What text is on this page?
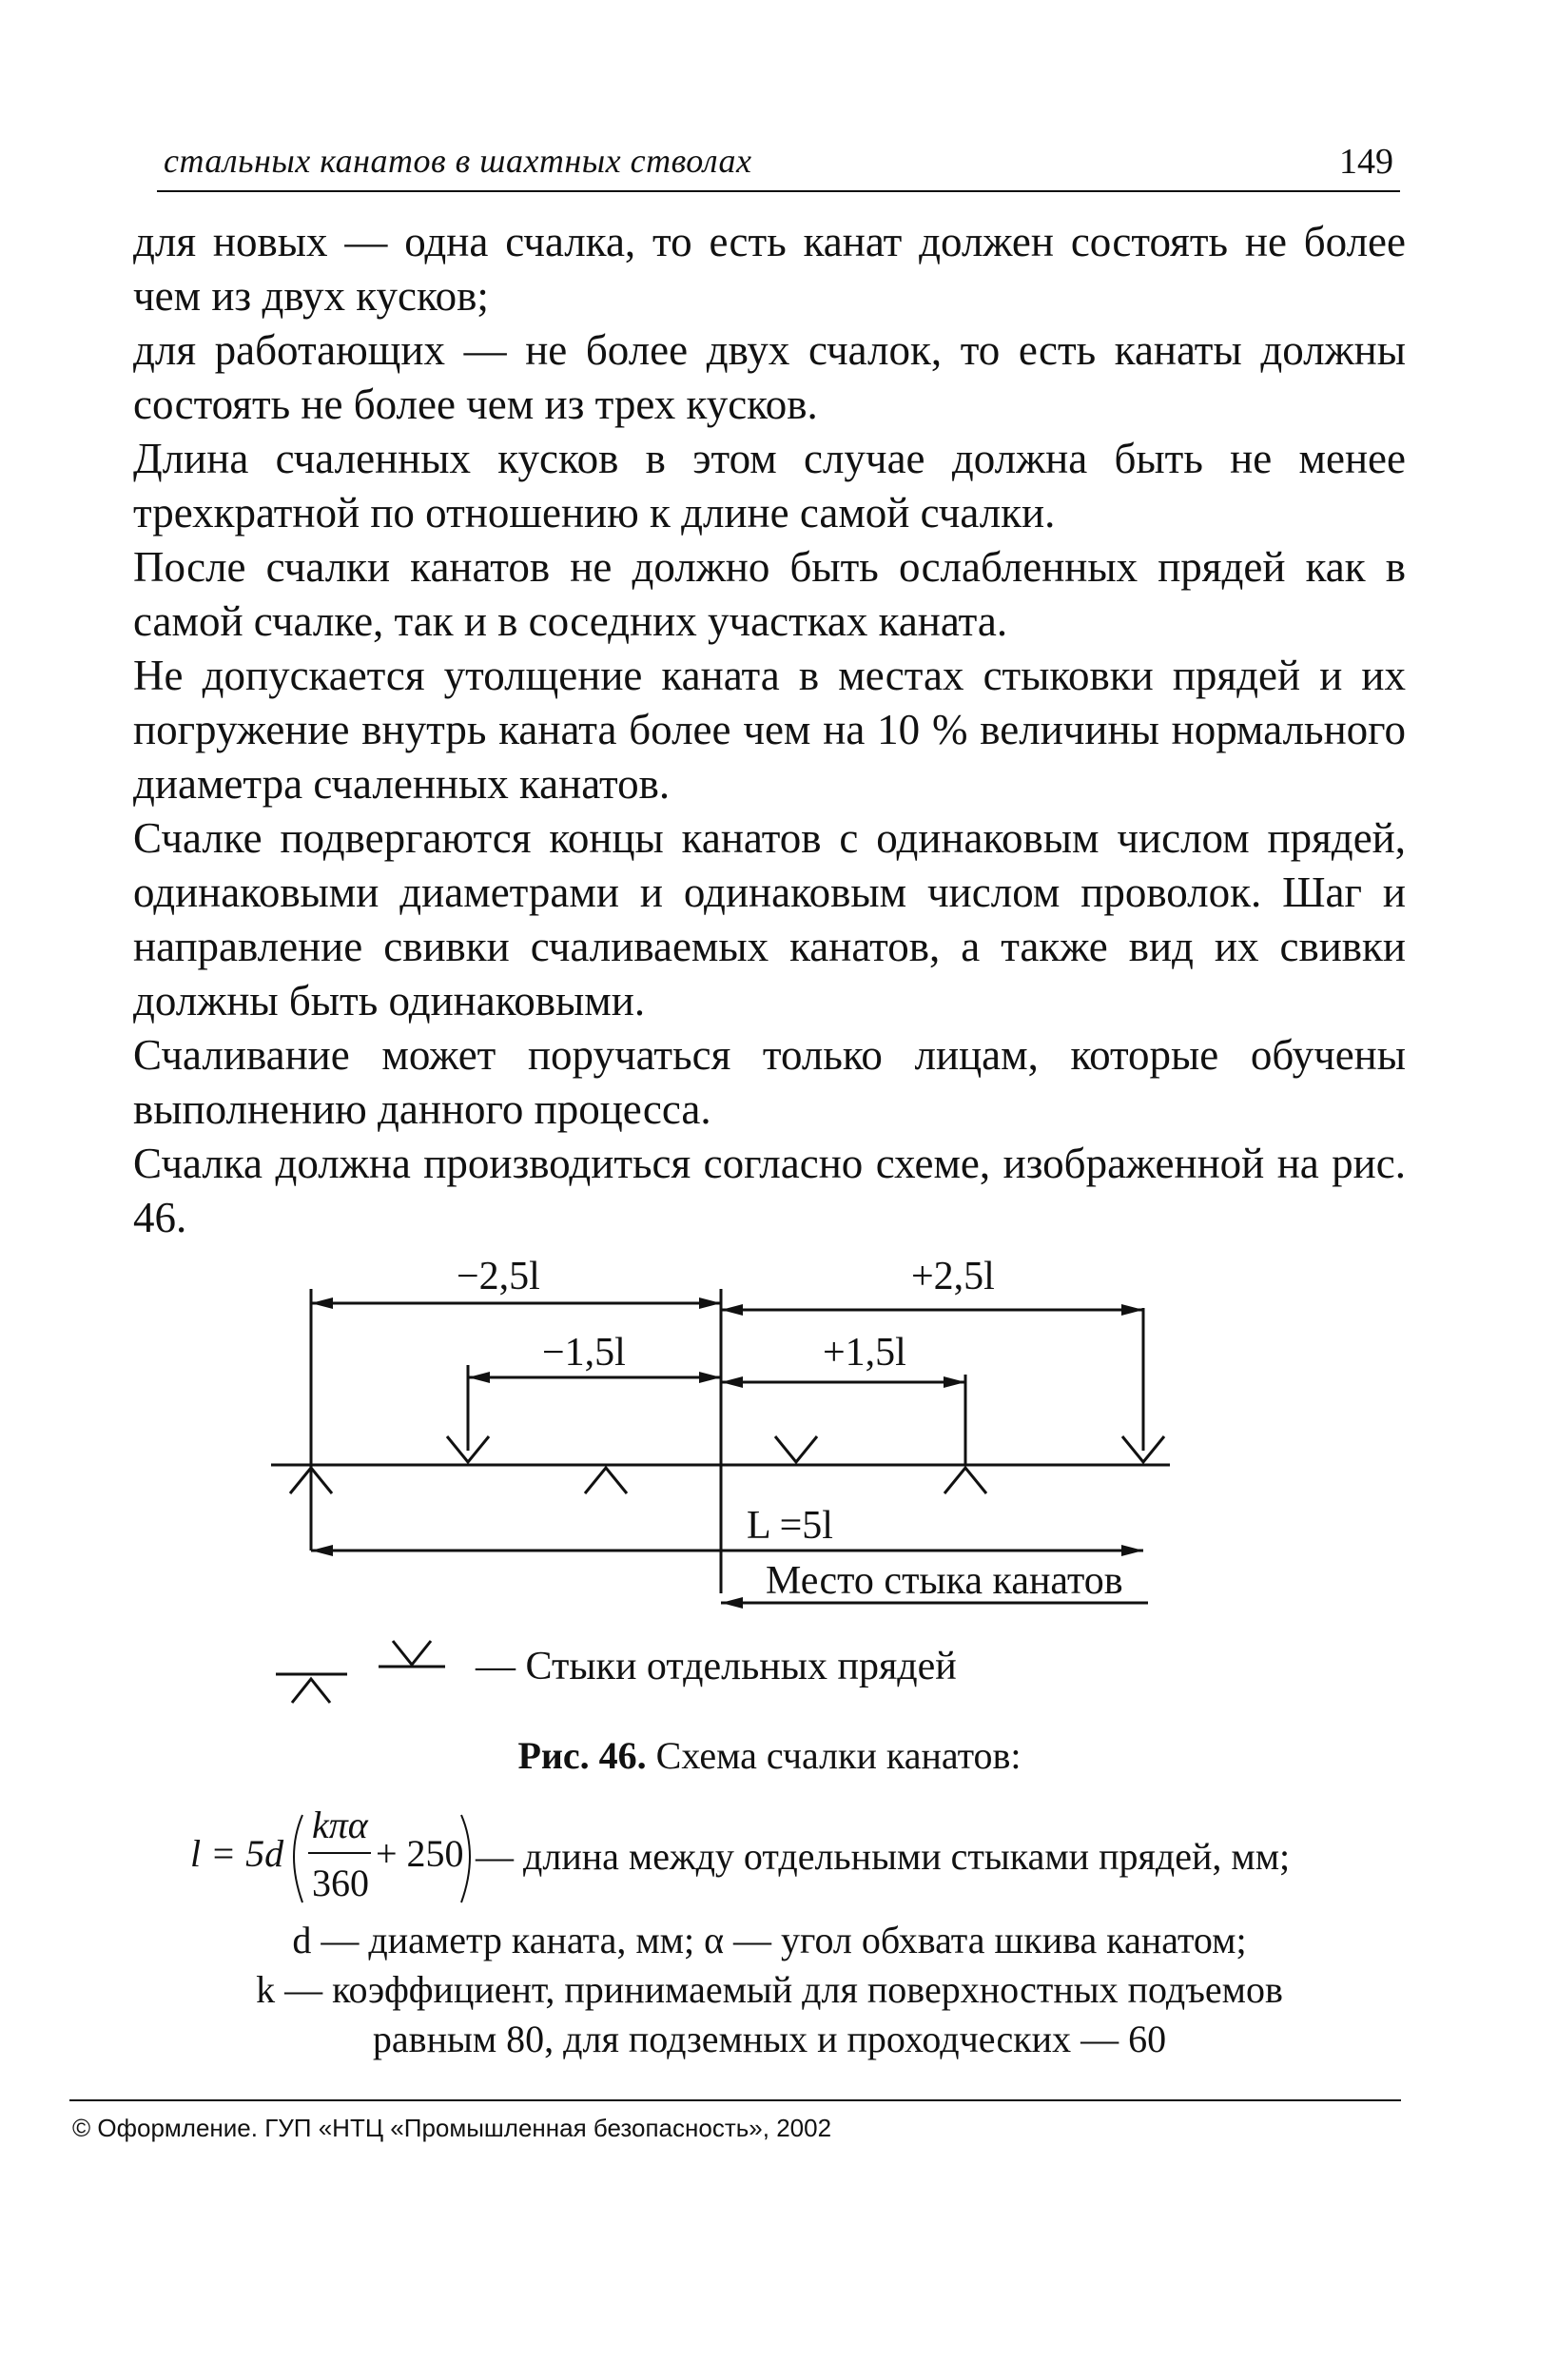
стальных канатов в шахтных стволах	149

для новых — одна счалка, то есть канат должен состоять не более чем из двух кусков;

для работающих — не более двух счалок, то есть канаты должны состоять не более чем из трех кусков.

Длина счаленных кусков в этом случае должна быть не менее трехкратной по отношению к длине самой счалки.

После счалки канатов не должно быть ослабленных прядей как в самой счалке, так и в соседних участках каната.

Не допускается утолщение каната в местах стыковки прядей и их погружение внутрь каната более чем на 10 % величины нормального диаметра счаленных канатов.

Счалке подвергаются концы канатов с одинаковым числом прядей, одинаковыми диаметрами и одинаковым числом проволок. Шаг и направление свивки счаливаемых канатов, а также вид их свивки должны быть одинаковыми.

Счаливание может поручаться только лицам, которые обучены выполнению данного процесса.

Счалка должна производиться согласно схеме, изображенной на рис. 46.

−2,5l	+2,5l
−1,5l	+1,5l
L =5l
Место стыка канатов
— Стыки отдельных прядей
Рис. 46. Схема счалки канатов:
l = 5d
kπα
360
+ 250 — длина между отдельными стыками прядей, мм;
d — диаметр каната, мм; α — угол обхвата шкива канатом;
k — коэффициент, принимаемый для поверхностных подъемов
равным 80, для подземных и проходческих — 60
© Оформление. ГУП «НТЦ «Промышленная безопасность», 2002
